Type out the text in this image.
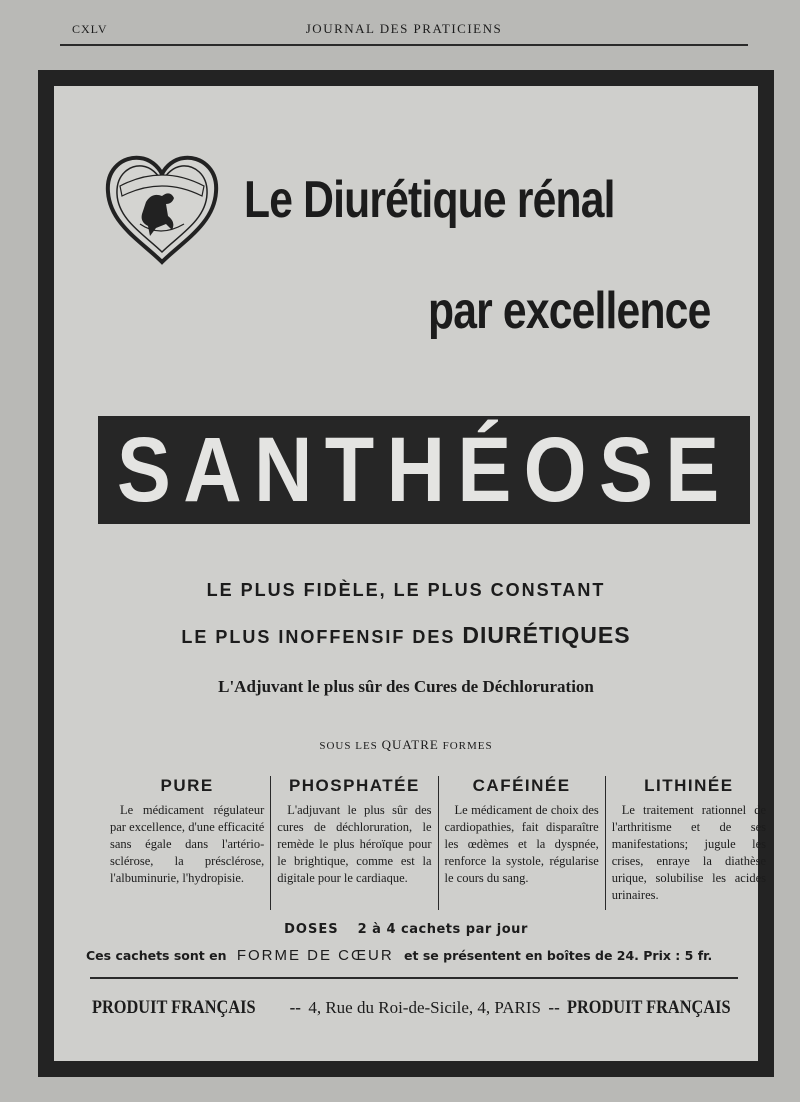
CXLV	JOURNAL DES PRATICIENS
Le Diurétique rénal
par excellence
SANTHÉOSE
LE PLUS FIDÈLE, LE PLUS CONSTANT
LE PLUS INOFFENSIF DES DIURÉTIQUES
L'Adjuvant le plus sûr des Cures de Déchloruration
SOUS LES QUATRE FORMES
PURE
Le médicament régulateur par excellence, d'une efficacité sans égale dans l'artério-sclérose, la présclérose, l'albuminurie, l'hydropisie.
PHOSPHATÉE
L'adjuvant le plus sûr des cures de déchloruration, le remède le plus héroïque pour le brightique, comme est la digitale pour le cardiaque.
CAFÉINÉE
Le médicament de choix des cardiopathies, fait disparaître les œdèmes et la dyspnée, renforce la systole, régularise le cours du sang.
LITHINÉE
Le traitement rationnel de l'arthritisme et de ses manifestations; jugule les crises, enraye la diathèse urique, solubilise les acides urinaires.
DOSES 2 à 4 cachets par jour
Ces cachets sont en FORME DE CŒUR et se présentent en boîtes de 24. Prix : 5 fr.
PRODUIT FRANÇAIS -- 4, Rue du Roi-de-Sicile, 4, PARIS -- PRODUIT FRANÇAIS
